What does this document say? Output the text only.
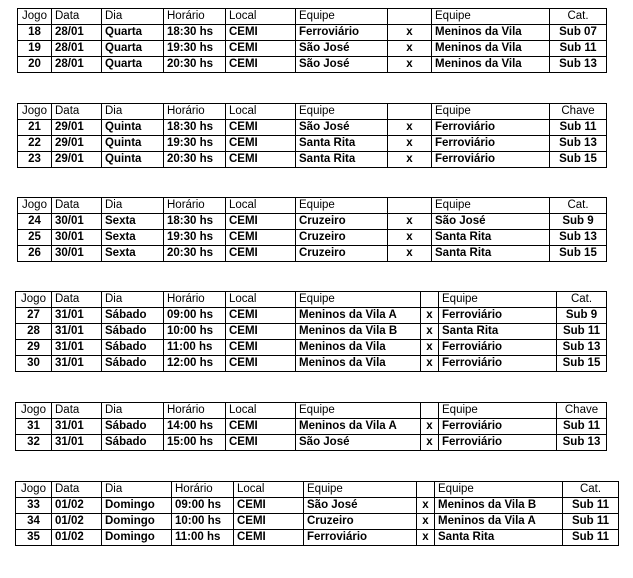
Jogo	Data	Dia	Horário	Local	Equipe		Equipe	Cat.
18	28/01	Quarta	18:30 hs	CEMI	Ferroviário	x	Meninos da Vila	Sub 07
19	28/01	Quarta	19:30 hs	CEMI	São José	x	Meninos da Vila	Sub 11
20	28/01	Quarta	20:30 hs	CEMI	São José	x	Meninos da Vila	Sub 13
Jogo	Data	Dia	Horário	Local	Equipe		Equipe	Chave
21	29/01	Quinta	18:30 hs	CEMI	São José	x	Ferroviário	Sub 11
22	29/01	Quinta	19:30 hs	CEMI	Santa Rita	x	Ferroviário	Sub 13
23	29/01	Quinta	20:30 hs	CEMI	Santa Rita	x	Ferroviário	Sub 15
Jogo	Data	Dia	Horário	Local	Equipe		Equipe	Cat.
24	30/01	Sexta	18:30 hs	CEMI	Cruzeiro	x	São José	Sub 9
25	30/01	Sexta	19:30 hs	CEMI	Cruzeiro	x	Santa Rita	Sub 13
26	30/01	Sexta	20:30 hs	CEMI	Cruzeiro	x	Santa Rita	Sub 15
Jogo	Data	Dia	Horário	Local	Equipe		Equipe	Cat.
27	31/01	Sábado	09:00 hs	CEMI	Meninos da Vila A	x	Ferroviário	Sub 9
28	31/01	Sábado	10:00 hs	CEMI	Meninos da Vila B	x	Santa Rita	Sub 11
29	31/01	Sábado	11:00 hs	CEMI	Meninos da Vila	x	Ferroviário	Sub 13
30	31/01	Sábado	12:00 hs	CEMI	Meninos da Vila	x	Ferroviário	Sub 15
Jogo	Data	Dia	Horário	Local	Equipe		Equipe	Chave
31	31/01	Sábado	14:00 hs	CEMI	Meninos da Vila A	x	Ferroviário	Sub 11
32	31/01	Sábado	15:00 hs	CEMI	São José	x	Ferroviário	Sub 13
Jogo	Data	Dia	Horário	Local	Equipe		Equipe	Cat.
33	01/02	Domingo	09:00 hs	CEMI	São José	x	Meninos da Vila B	Sub 11
34	01/02	Domingo	10:00 hs	CEMI	Cruzeiro	x	Meninos da Vila A	Sub 11
35	01/02	Domingo	11:00 hs	CEMI	Ferroviário	x	Santa Rita	Sub 11
